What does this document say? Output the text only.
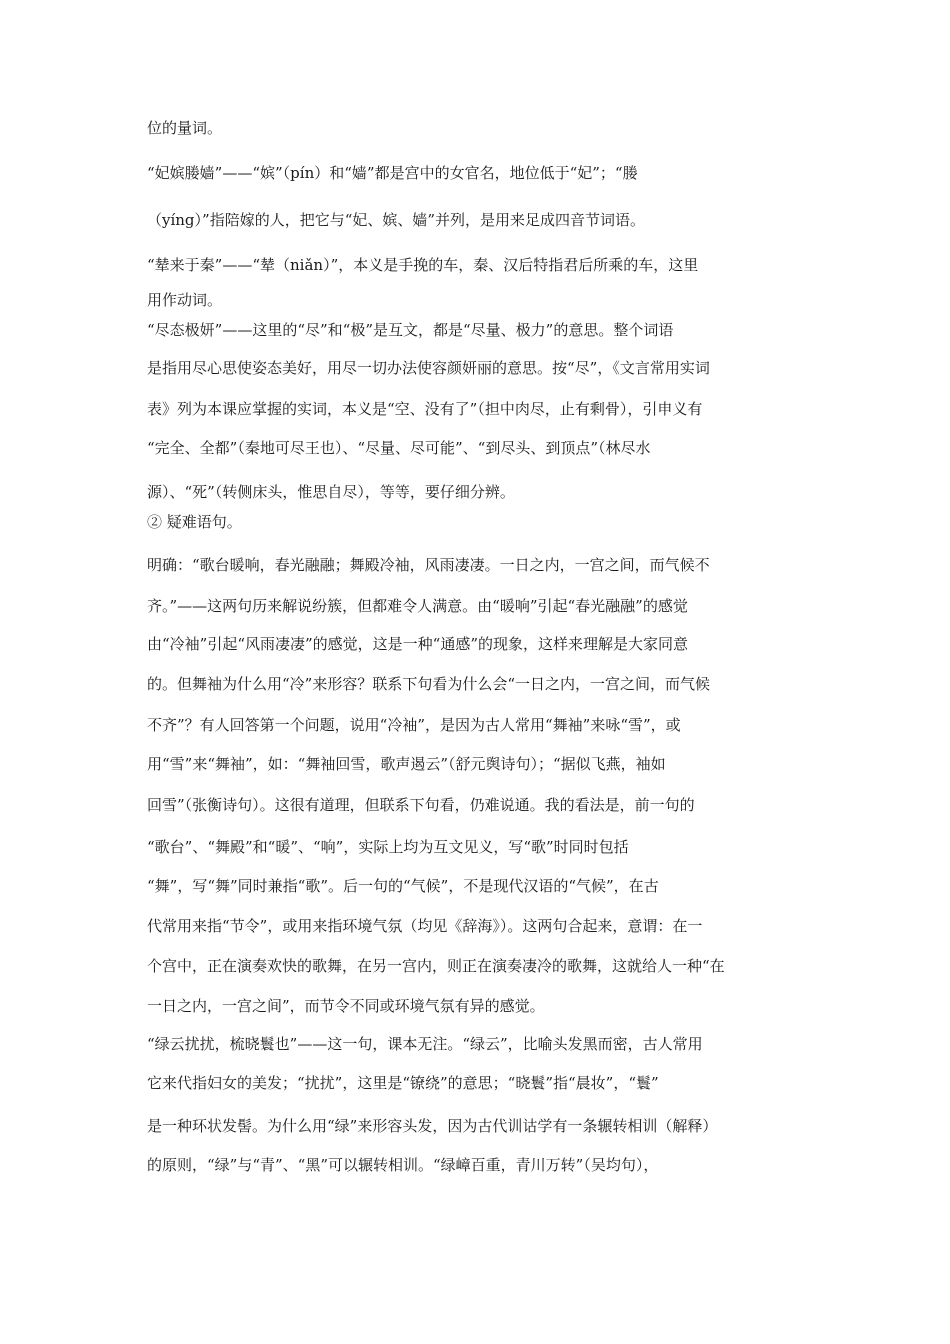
位的量词。
“妃嫔媵嫱”——“嫔”（pín）和“嫱”都是宫中的女官名，地位低于“妃”；“媵
（yíng）”指陪嫁的人，把它与“妃、嫔、嫱”并列，是用来足成四音节词语。
“辇来于秦”——“辇（niǎn）”，本义是手挽的车，秦、汉后特指君后所乘的车，这里
用作动词。
“尽态极妍”——这里的“尽”和“极”是互文，都是“尽量、极力”的意思。整个词语
是指用尽心思使姿态美好，用尽一切办法使容颜妍丽的意思。按“尽”，《文言常用实词
表》列为本课应掌握的实词，本义是“空、没有了”（担中肉尽，止有剩骨），引申义有
“完全、全都”（秦地可尽王也）、“尽量、尽可能”、“到尽头、到顶点”（林尽水
源）、“死”（转侧床头，惟思自尽），等等，要仔细分辨。
② 疑难语句。
明确：“歌台暖响，春光融融；舞殿冷袖，风雨凄凄。一日之内，一宫之间，而气候不
齐。”——这两句历来解说纷簇，但都难令人满意。由“暖响”引起“春光融融”的感觉
由“冷袖”引起“风雨凄凄”的感觉，这是一种“通感”的现象，这样来理解是大家同意
的。但舞袖为什么用“冷”来形容？联系下句看为什么会“一日之内，一宫之间，而气候
不齐”？有人回答第一个问题，说用“冷袖”，是因为古人常用“舞袖”来咏“雪”，或
用“雪”来“舞袖”，如：“舞袖回雪，歌声遏云”（舒元舆诗句）；“据似飞燕，袖如
回雪”（张衡诗句）。这很有道理，但联系下句看，仍难说通。我的看法是，前一句的
“歌台”、“舞殿”和“暖”、“响”，实际上均为互文见义，写“歌”时同时包括
“舞”，写“舞”同时兼指“歌”。后一句的“气候”，不是现代汉语的“气候”，在古
代常用来指“节令”，或用来指环境气氛（均见《辞海》）。这两句合起来，意谓：在一
个宫中，正在演奏欢快的歌舞，在另一宫内，则正在演奏凄冷的歌舞，这就给人一种“在
一日之内，一宫之间”，而节令不同或环境气氛有异的感觉。
“绿云扰扰，梳晓鬟也”——这一句，课本无注。“绿云”，比喻头发黑而密，古人常用
它来代指妇女的美发；“扰扰”，这里是“镣绕”的意思；“晓鬟”指“晨妆”，“鬟”
是一种环状发髻。为什么用“绿”来形容头发，因为古代训诂学有一条辗转相训（解释）
的原则，“绿”与“青”、“黑”可以辗转相训。“绿嶂百重，青川万转”（吴均句），
